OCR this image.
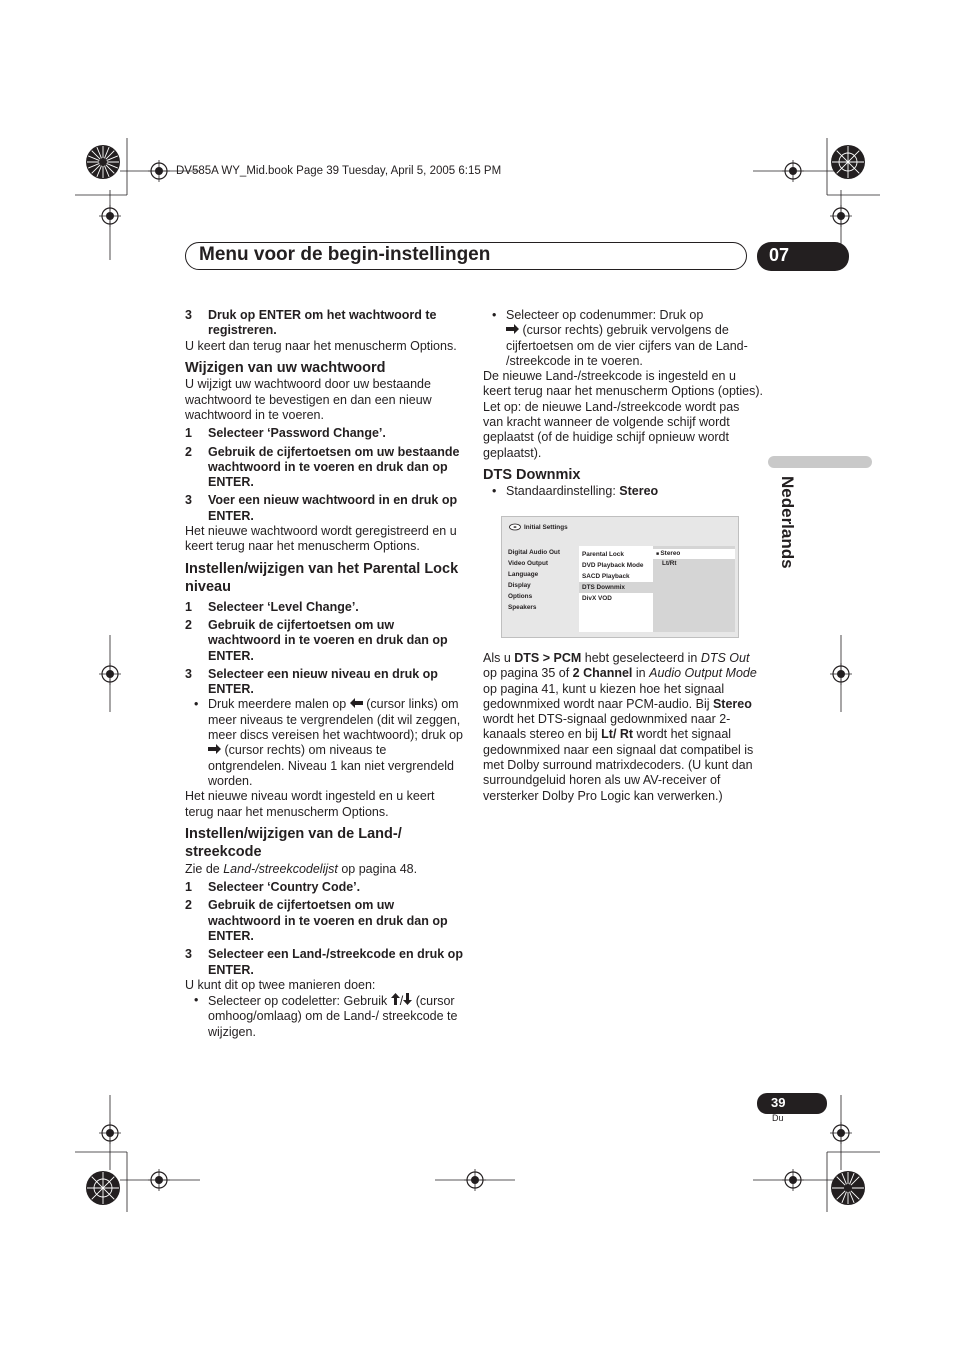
DV585A WY_Mid.book Page 39 Tuesday, April 5, 2005 6:15 PM
Menu voor de begin-instellingen	07
Nederlands
3	Druk op ENTER om het wachtwoord te registreren.

U keert dan terug naar het menuscherm Options.

Wijzigen van uw wachtwoord

U wijzigt uw wachtwoord door uw bestaande wachtwoord te bevestigen en dan een nieuw wachtwoord in te voeren.

1	Selecteer ‘Password Change’.
2	Gebruik de cijfertoetsen om uw bestaande wachtwoord in te voeren en druk dan op ENTER.
3	Voer een nieuw wachtwoord in en druk op ENTER.

Het nieuwe wachtwoord wordt geregistreerd en u keert terug naar het menuscherm Options.

Instellen/wijzigen van het Parental Lock niveau
1	Selecteer ‘Level Change’.
2	Gebruik de cijfertoetsen om uw wachtwoord in te voeren en druk dan op ENTER.
3	Selecteer een nieuw niveau en druk op ENTER.
• Druk meerdere malen op  (cursor links) om meer niveaus te vergrendelen (dit wil zeggen, meer discs vereisen het wachtwoord); druk op  (cursor rechts) om niveaus te ontgrendelen. Niveau 1 kan niet vergrendeld worden.

Het nieuwe niveau wordt ingesteld en u keert terug naar het menuscherm Options.

Instellen/wijzigen van de Land-/ streekcode

Zie de Land-/streekcodelijst op pagina 48.

1	Selecteer ‘Country Code’.
2	Gebruik de cijfertoetsen om uw wachtwoord in te voeren en druk dan op ENTER.
3	Selecteer een Land-/streekcode en druk op ENTER.

U kunt dit op twee manieren doen:

• Selecteer op codeletter: Gebruik / (cursor omhoog/omlaag) om de Land-/ streekcode te wijzigen.
• Selecteer op codenummer: Druk op
(cursor rechts) gebruik vervolgens de cijfertoetsen om de vier cijfers van de Land- /streekcode in te voeren.

De nieuwe Land-/streekcode is ingesteld en u keert terug naar het menuscherm Options (opties). Let op: de nieuwe Land-/streekcode wordt pas van kracht wanneer de volgende schijf wordt geplaatst (of de huidige schijf opnieuw wordt geplaatst).

DTS Downmix
• Standaardinstelling: Stereo
Initial Settings
Digital Audio Out
Video Output
Language
Display
Options
Speakers
Parental Lock
DVD Playback Mode
SACD Playback
DTS Downmix
DivX VOD
■ Stereo
Lt/Rt

Als u DTS > PCM hebt geselecteerd in DTS Out op pagina 35 of 2 Channel in Audio Output Mode op pagina 41, kunt u kiezen hoe het signaal gedownmixed wordt naar PCM-audio. Bij Stereo wordt het DTS-signaal gedownmixed naar 2-kanaals stereo en bij Lt/ Rt wordt het signaal gedownmixed naar een signaal dat compatibel is met Dolby surround matrixdecoders. (U kunt dan surroundgeluid horen als uw AV-receiver of versterker Dolby Pro Logic kan verwerken.)

39
Du
